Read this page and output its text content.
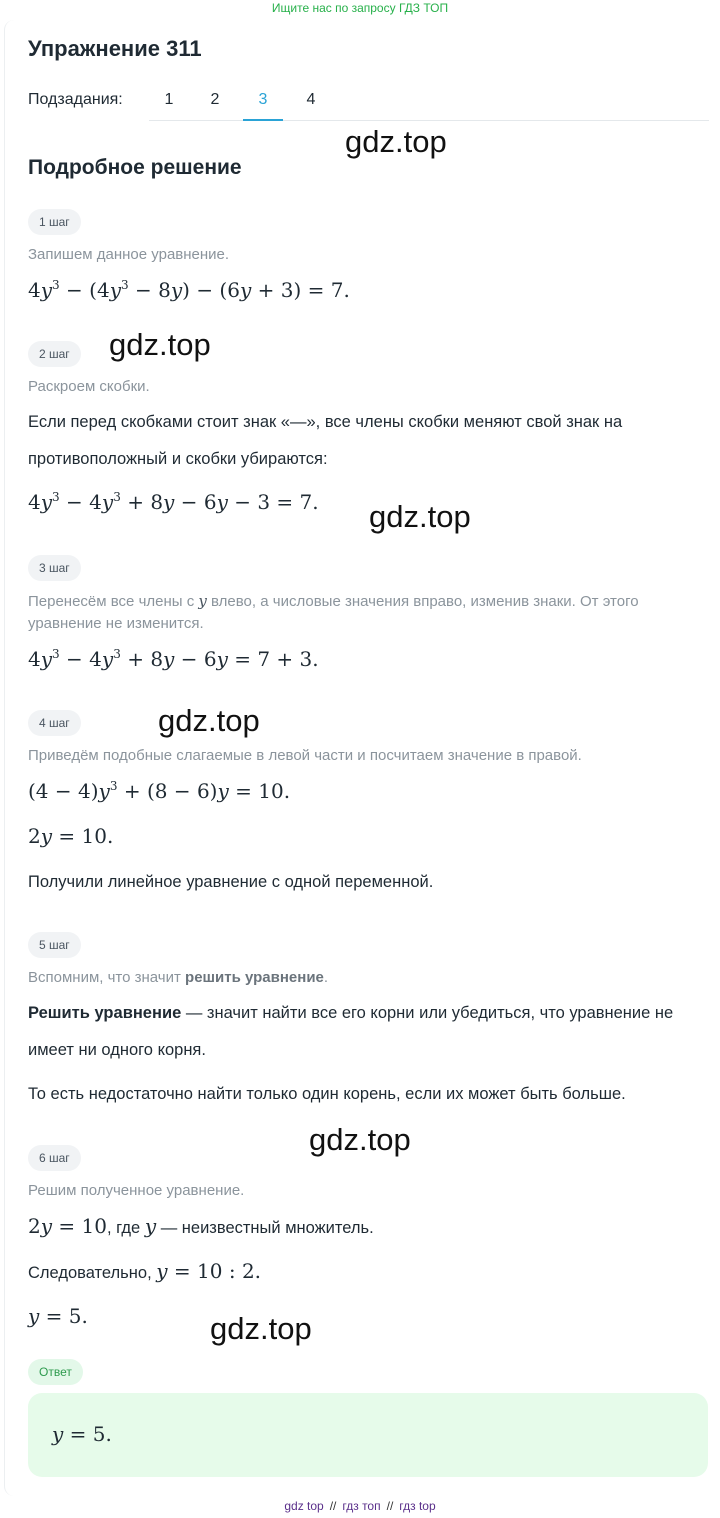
Ищите нас по запросу ГДЗ ТОП
Упражнение 311
Подзадания:	1	2	3	4
gdz.top
Подробное решение
1 шаг
Запишем данное уравнение.
$4y^3 - (4y^3 - 8y) - (6y + 3) = 7$.
2 шаг	gdz.top
Раскроем скобки.
Если перед скобками стоит знак «—», все члены скобки меняют свой знак на противоположный и скобки убираются:
$4y^3 - 4y^3 + 8y - 6y - 3 = 7$. gdz.top
3 шаг
Перенесём все члены с y влево, а числовые значения вправо, изменив знаки. От этого уравнение не изменится.
$4y^3 - 4y^3 + 8y - 6y = 7 + 3$.
4 шаг	gdz.top
Приведём подобные слагаемые в левой части и посчитаем значение в правой.
$(4 - 4)y^3 + (8 - 6)y = 10$.
2y = 10.
Получили линейное уравнение с одной переменной.
5 шаг
Вспомним, что значит решить уравнение.
Решить уравнение — значит найти все его корни или убедиться, что уравнение не имеет ни одного корня.
То есть недостаточно найти только один корень, если их может быть больше.
gdz.top
6 шаг
Решим полученное уравнение.
2y = 10, где y — неизвестный множитель.
Следовательно, y = 10 : 2.
y = 5.	gdz.top
Ответ
y = 5.
gdz top // гдз топ // гдз top
